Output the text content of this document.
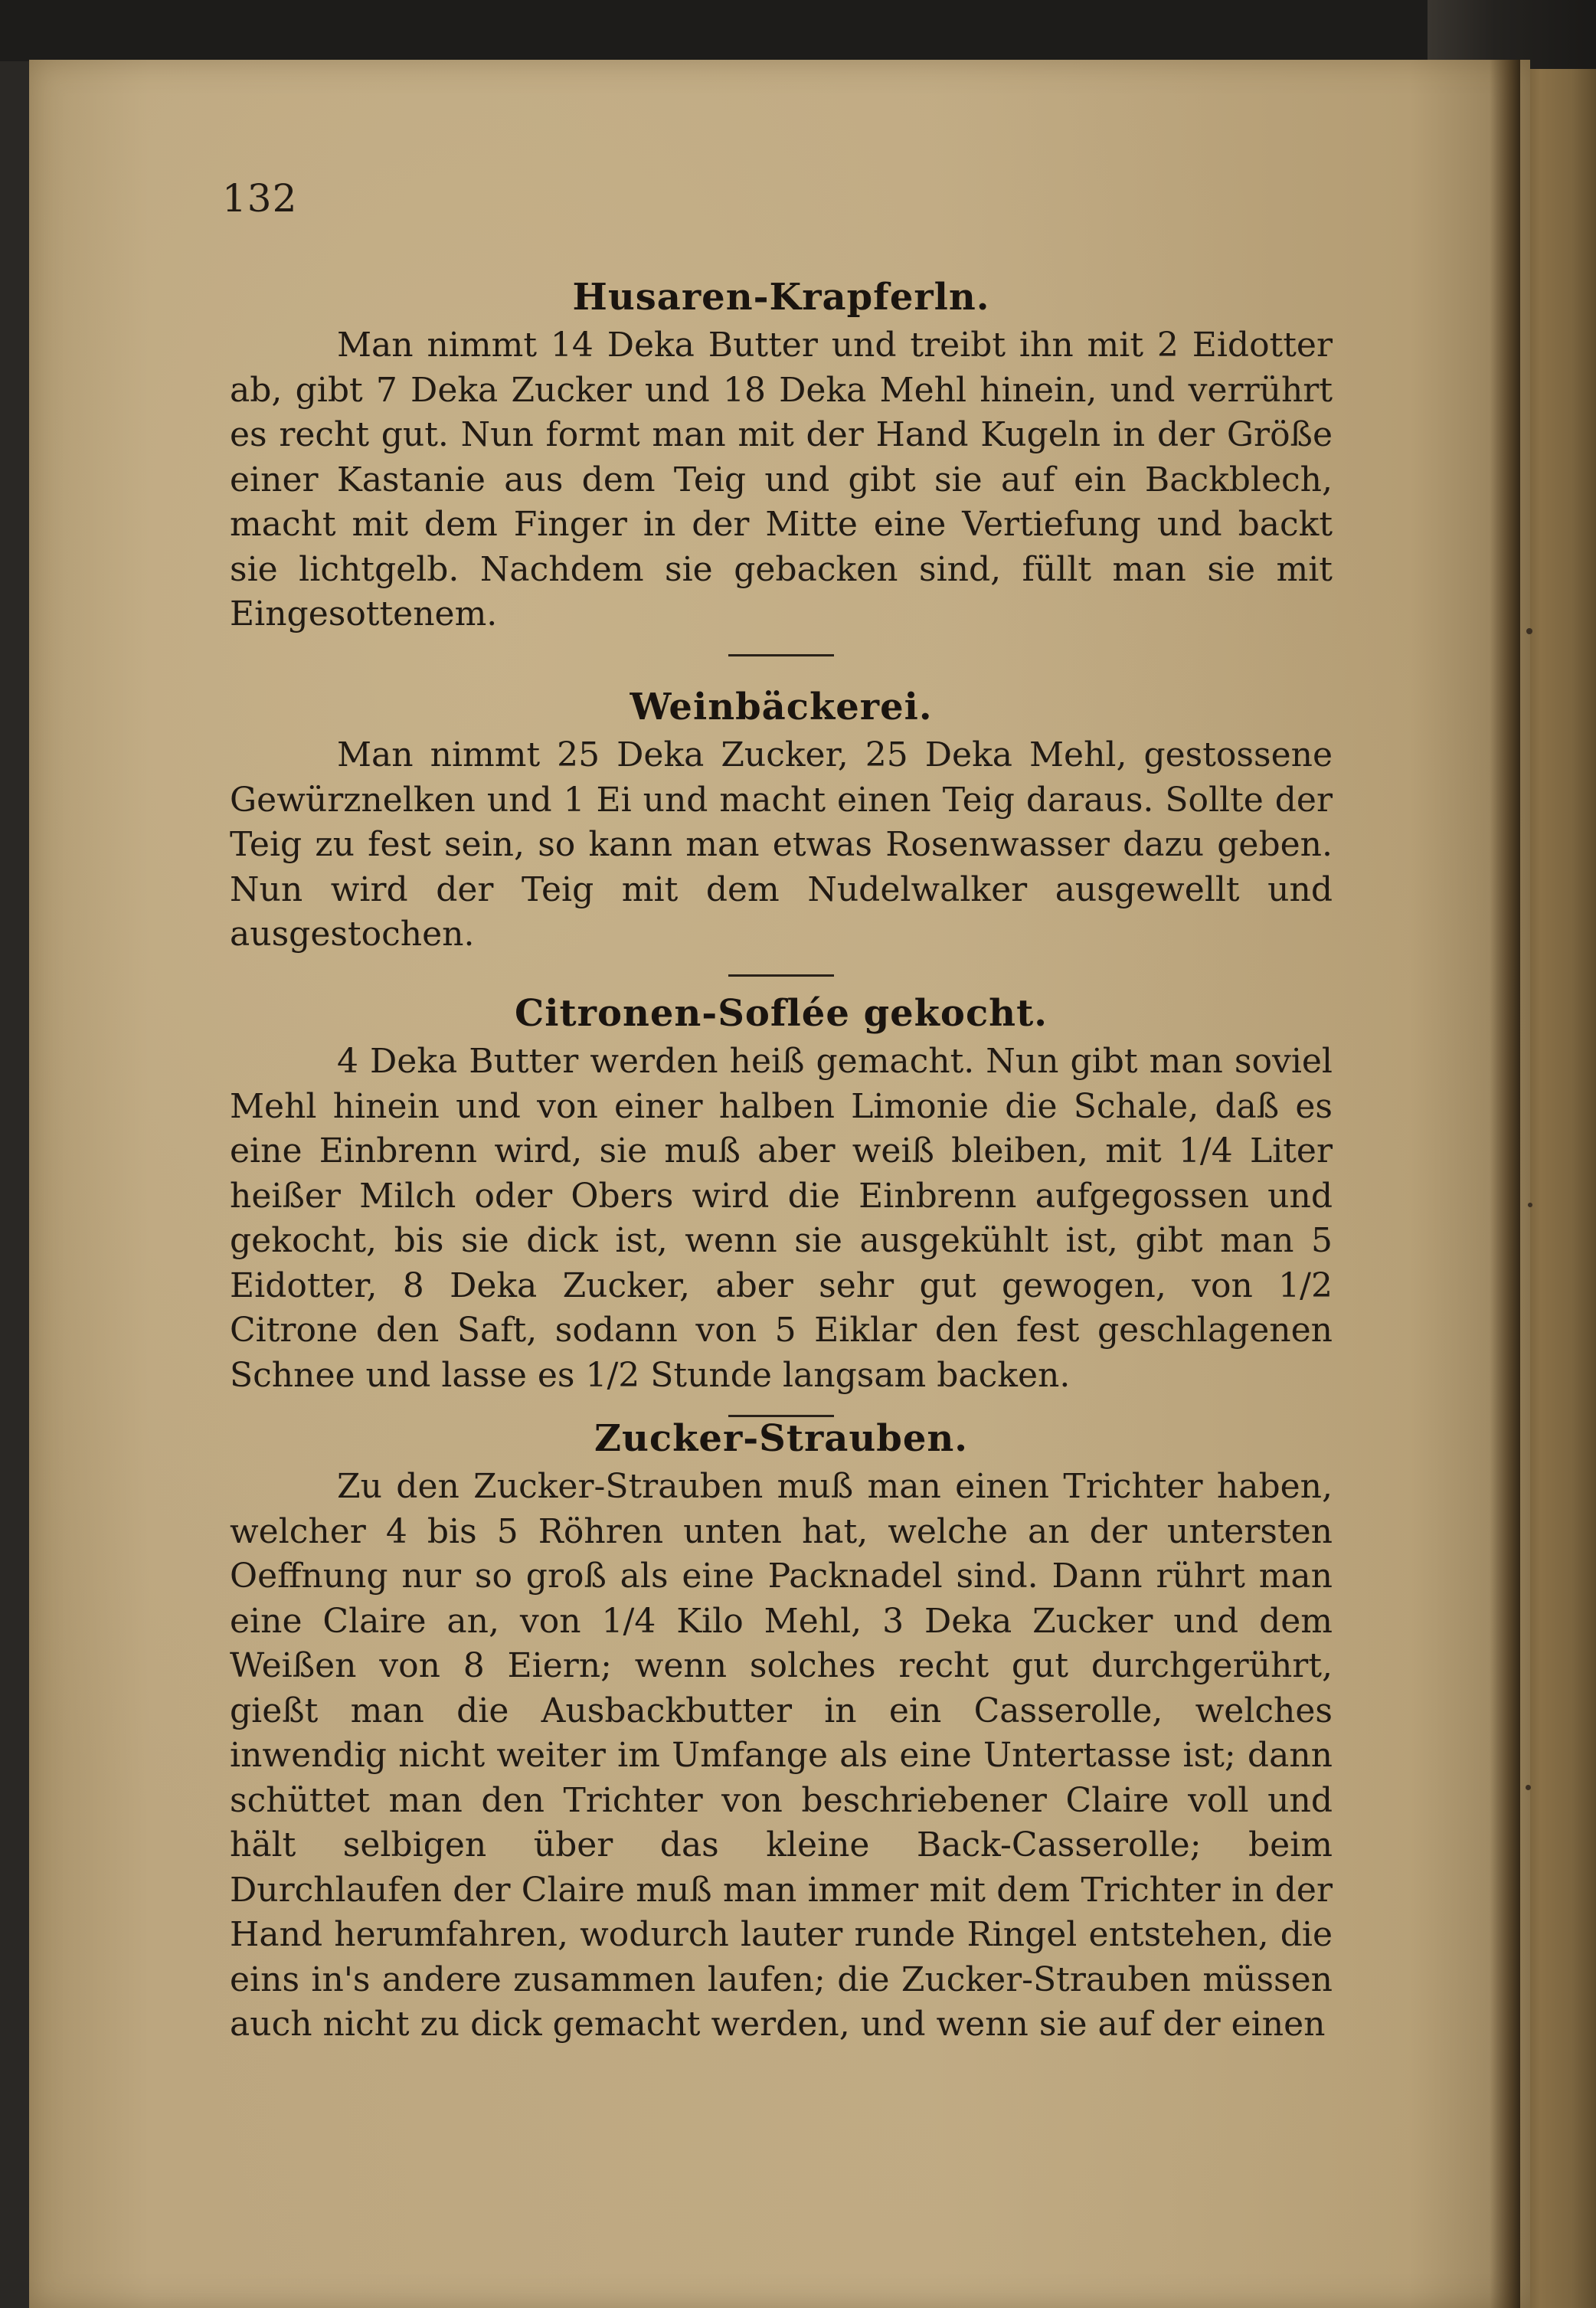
132
Husaren-Krapferln.

Man nimmt 14 Deka Butter und treibt ihn mit 2 Eidotter ab, gibt 7 Deka Zucker und 18 Deka Mehl hinein, und verrührt es recht gut. Nun formt man mit der Hand Kugeln in der Größe einer Kastanie aus dem Teig und gibt sie auf ein Backblech, macht mit dem Finger in der Mitte eine Vertiefung und backt sie lichtgelb. Nachdem sie gebacken sind, füllt man sie mit Eingesottenem.

Weinbäckerei.

Man nimmt 25 Deka Zucker, 25 Deka Mehl, gestossene Gewürznelken und 1 Ei und macht einen Teig daraus. Sollte der Teig zu fest sein, so kann man etwas Rosenwasser dazu geben. Nun wird der Teig mit dem Nudelwalker ausgewellt und ausgestochen.

Citronen-Soflée gekocht.

4 Deka Butter werden heiß gemacht. Nun gibt man soviel Mehl hinein und von einer halben Limonie die Schale, daß es eine Einbrenn wird, sie muß aber weiß bleiben, mit 1/4 Liter heißer Milch oder Obers wird die Einbrenn aufgegossen und gekocht, bis sie dick ist, wenn sie ausgekühlt ist, gibt man 5 Eidotter, 8 Deka Zucker, aber sehr gut gewogen, von 1/2 Citrone den Saft, sodann von 5 Eiklar den fest geschlagenen Schnee und lasse es 1/2 Stunde langsam backen.

Zucker-Strauben.

Zu den Zucker-Strauben muß man einen Trichter haben, welcher 4 bis 5 Röhren unten hat, welche an der untersten Oeffnung nur so groß als eine Packnadel sind. Dann rührt man eine Claire an, von 1/4 Kilo Mehl, 3 Deka Zucker und dem Weißen von 8 Eiern; wenn solches recht gut durchgerührt, gießt man die Ausbackbutter in ein Casserolle, welches inwendig nicht weiter im Umfange als eine Untertasse ist; dann schüttet man den Trichter von beschriebener Claire voll und hält selbigen über das kleine Back-Casserolle; beim Durchlaufen der Claire muß man immer mit dem Trichter in der Hand herumfahren, wodurch lauter runde Ringel entstehen, die eins in's andere zusammen laufen; die Zucker-Strauben müssen auch nicht zu dick gemacht werden, und wenn sie auf der einen
